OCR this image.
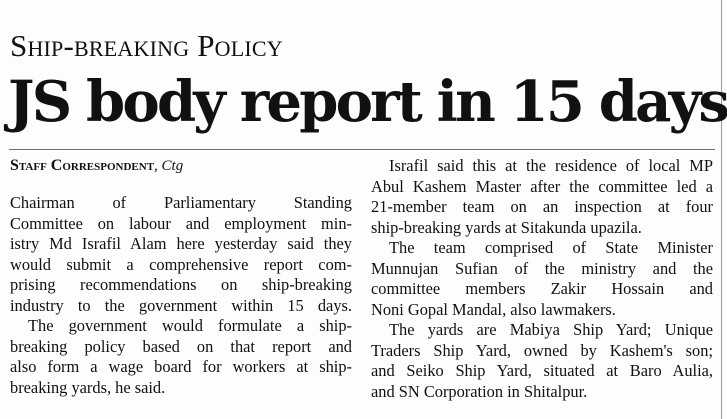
Ship-breaking Policy
JS body report in 15 days
Staff Correspondent, Ctg
Chairman of Parliamentary Standing
Committee on labour and employment min-
istry Md Israfil Alam here yesterday said they
would submit a comprehensive report com-
prising recommendations on ship-breaking
industry to the government within 15 days.
The government would formulate a ship-
breaking policy based on that report and
also form a wage board for workers at ship-
breaking yards, he said.
Israfil said this at the residence of local MP
Abul Kashem Master after the committee led a
21-member team on an inspection at four
ship-breaking yards at Sitakunda upazila.
The team comprised of State Minister
Munnujan Sufian of the ministry and the
committee members Zakir Hossain and
Noni Gopal Mandal, also lawmakers.
The yards are Mabiya Ship Yard; Unique
Traders Ship Yard, owned by Kashem's son;
and Seiko Ship Yard, situated at Baro Aulia,
and SN Corporation in Shitalpur.
